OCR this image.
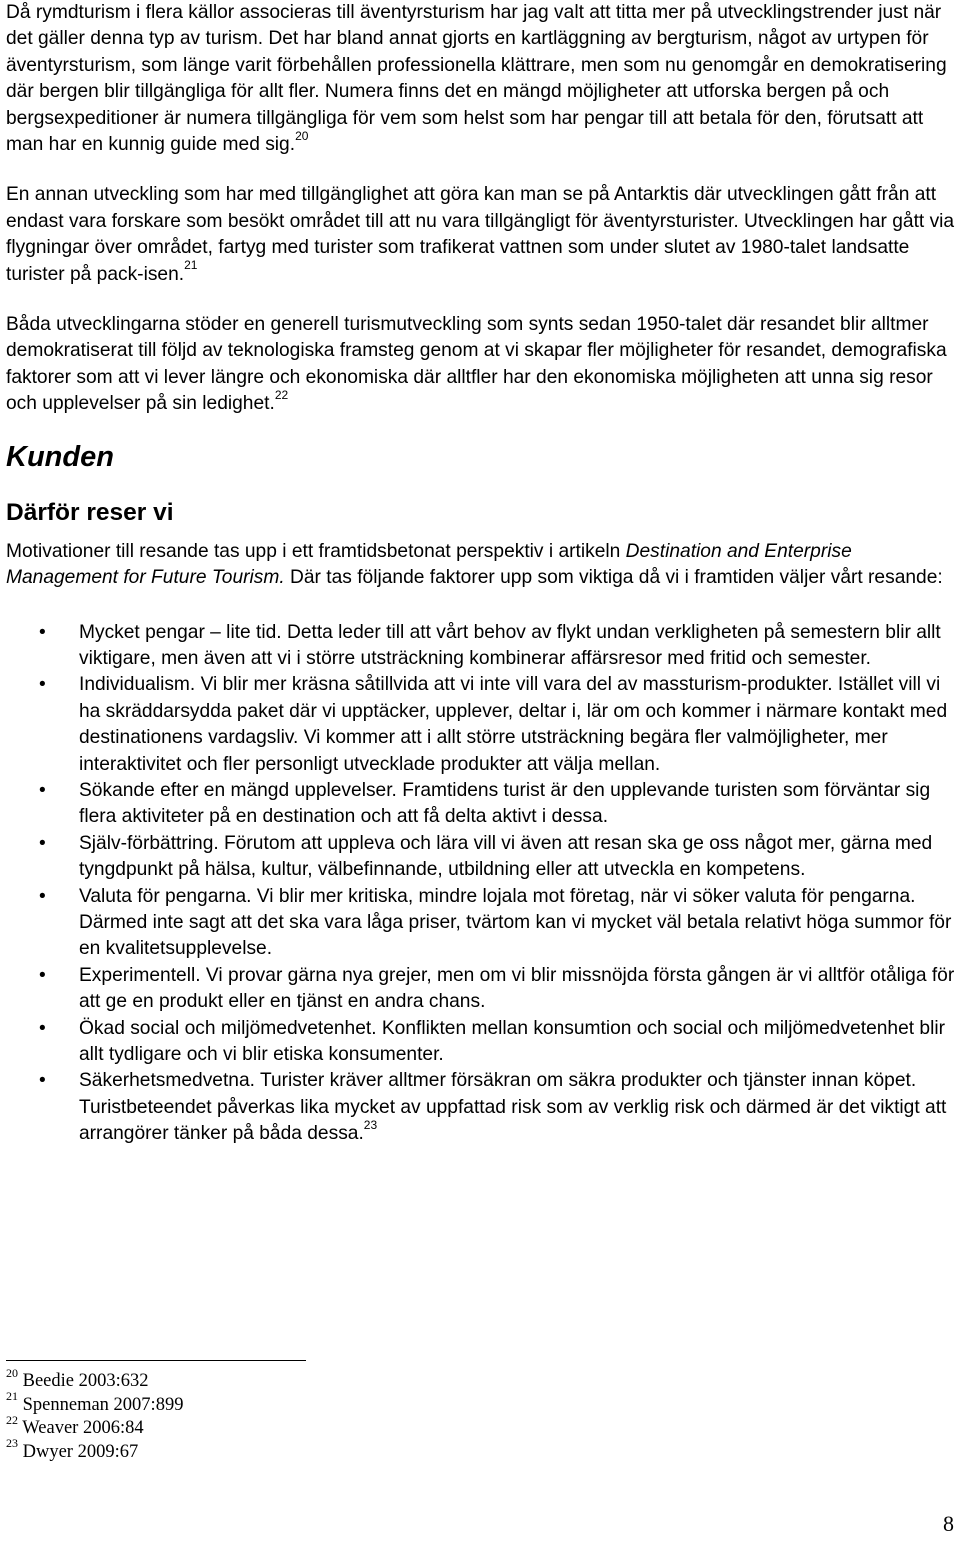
Då rymdturism i flera källor associeras till äventyrsturism har jag valt att titta mer på utvecklingstrender just när det gäller denna typ av turism. Det har bland annat gjorts en kartläggning av bergturism, något av urtypen för äventyrsturism, som länge varit förbehållen professionella klättrare, men som nu genomgår en demokratisering där bergen blir tillgängliga för allt fler. Numera finns det en mängd möjligheter att utforska bergen på och bergsexpeditioner är numera tillgängliga för vem som helst som har pengar till att betala för den, förutsatt att man har en kunnig guide med sig.$^{20}$

En annan utveckling som har med tillgänglighet att göra kan man se på Antarktis där utvecklingen gått från att endast vara forskare som besökt området till att nu vara tillgängligt för äventyrsturister. Utvecklingen har gått via flygningar över området, fartyg med turister som trafikerat vattnen som under slutet av 1980-talet landsatte turister på pack-isen.$^{21}$

Båda utvecklingarna stöder en generell turismutveckling som synts sedan 1950-talet där resandet blir alltmer demokratiserat till följd av teknologiska framsteg genom at vi skapar fler möjligheter för resandet, demografiska faktorer som att vi lever längre och ekonomiska där alltfler har den ekonomiska möjligheten att unna sig resor och upplevelser på sin ledighet.$^{22}$

Kunden
Därför reser vi

Motivationer till resande tas upp i ett framtidsbetonat perspektiv i artikeln Destination and Enterprise Management for Future Tourism. Där tas följande faktorer upp som viktiga då vi i framtiden väljer vårt resande:

• Mycket pengar – lite tid. Detta leder till att vårt behov av flykt undan verkligheten på semestern blir allt viktigare, men även att vi i större utsträckning kombinerar affärsresor med fritid och semester.
• Individualism. Vi blir mer kräsna såtillvida att vi inte vill vara del av massturism-produkter. Istället vill vi ha skräddarsydda paket där vi upptäcker, upplever, deltar i, lär om och kommer i närmare kontakt med destinationens vardagsliv. Vi kommer att i allt större utsträckning begära fler valmöjligheter, mer interaktivitet och fler personligt utvecklade produkter att välja mellan.
• Sökande efter en mängd upplevelser. Framtidens turist är den upplevande turisten som förväntar sig flera aktiviteter på en destination och att få delta aktivt i dessa.
• Själv-förbättring. Förutom att uppleva och lära vill vi även att resan ska ge oss något mer, gärna med tyngdpunkt på hälsa, kultur, välbefinnande, utbildning eller att utveckla en kompetens.
• Valuta för pengarna. Vi blir mer kritiska, mindre lojala mot företag, när vi söker valuta för pengarna. Därmed inte sagt att det ska vara låga priser, tvärtom kan vi mycket väl betala relativt höga summor för en kvalitetsupplevelse.
• Experimentell. Vi provar gärna nya grejer, men om vi blir missnöjda första gången är vi alltför otåliga för att ge en produkt eller en tjänst en andra chans.
• Ökad social och miljömedvetenhet. Konflikten mellan konsumtion och social och miljömedvetenhet blir allt tydligare och vi blir etiska konsumenter.
• Säkerhetsmedvetna. Turister kräver alltmer försäkran om säkra produkter och tjänster innan köpet. Turistbeteendet påverkas lika mycket av uppfattad risk som av verklig risk och därmed är det viktigt att arrangörer tänker på båda dessa.$^{23}$
$^{20}$ Beedie 2003:632
$^{21}$ Spenneman 2007:899
$^{22}$ Weaver 2006:84
$^{23}$ Dwyer 2009:67
8
